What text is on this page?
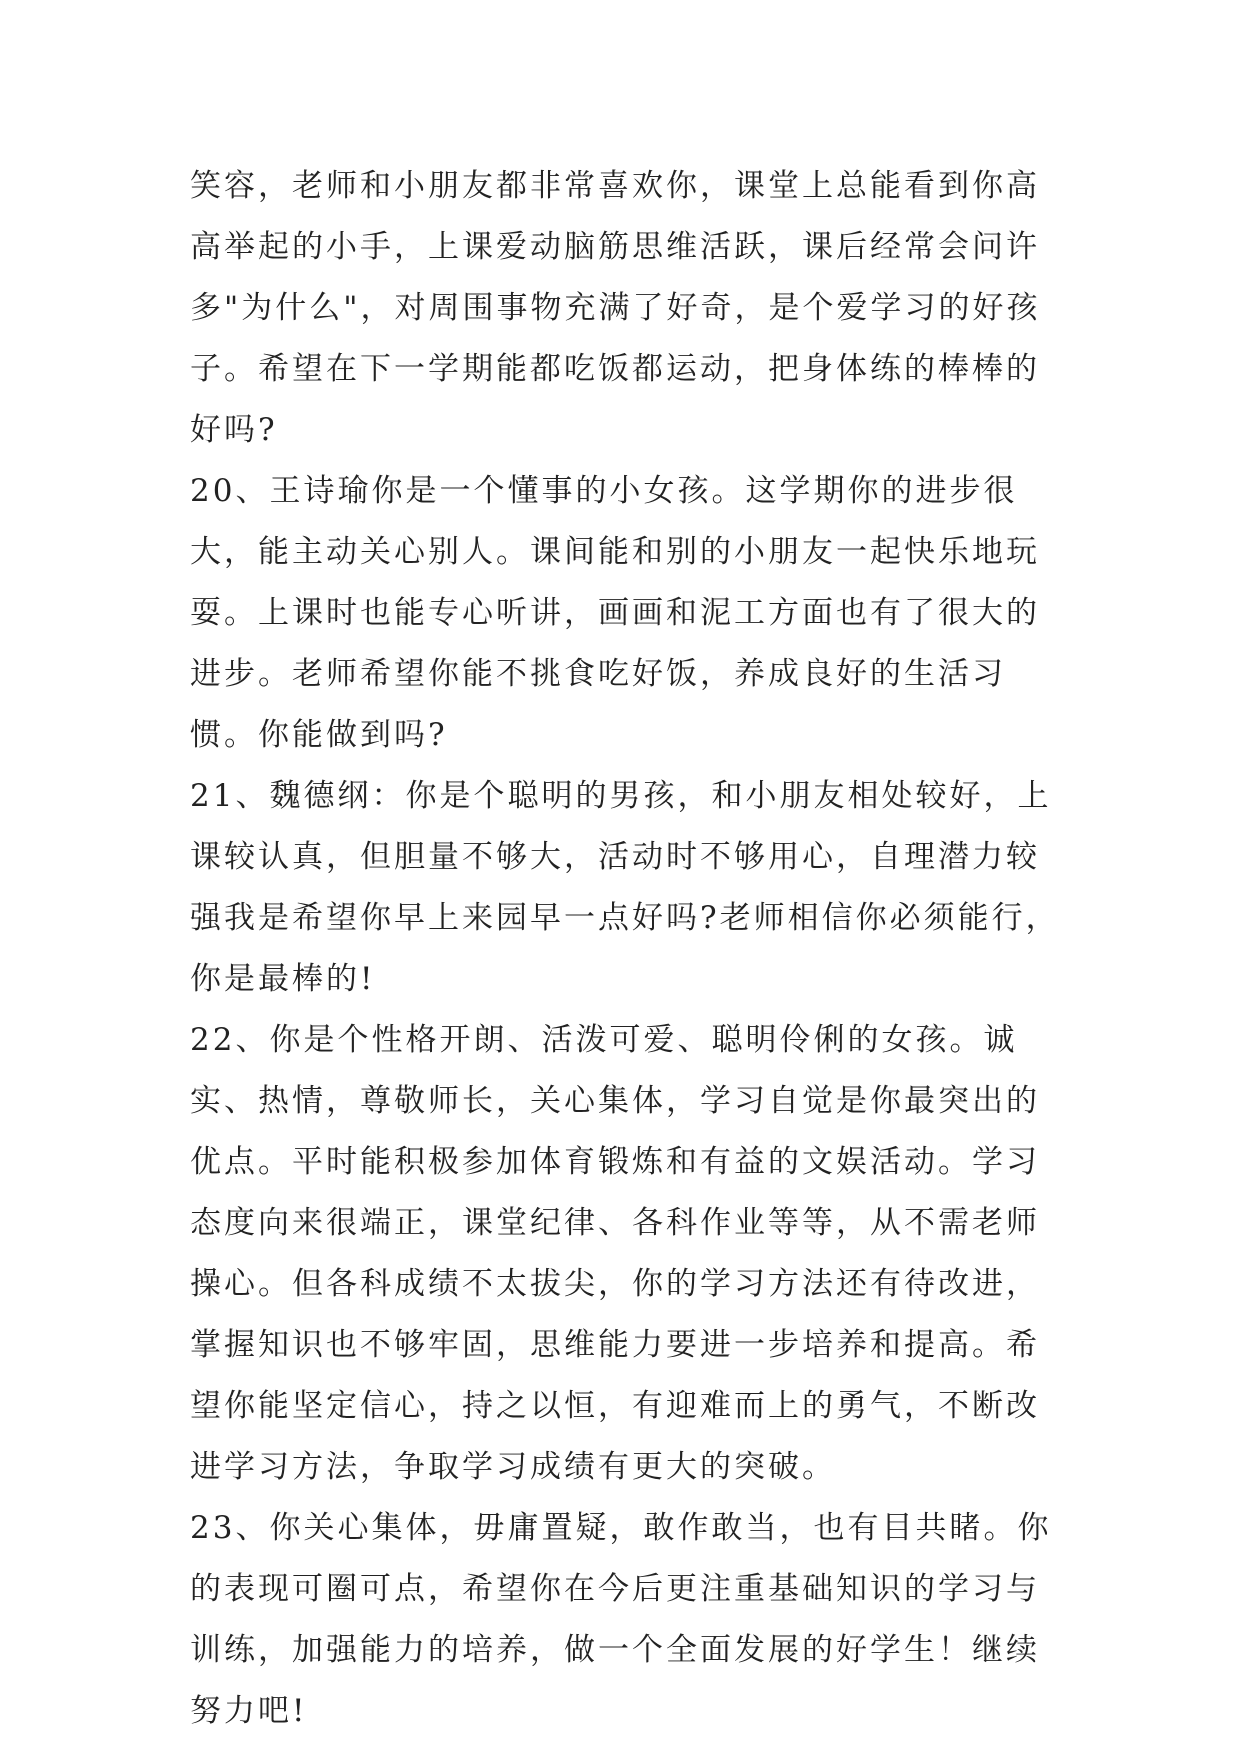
笑容，老师和小朋友都非常喜欢你，课堂上总能看到你高高举起的小手，上课爱动脑筋思维活跃，课后经常会问许多"为什么"，对周围事物充满了好奇，是个爱学习的好孩子。希望在下一学期能都吃饭都运动，把身体练的棒棒的好吗?

20、王诗瑜你是一个懂事的小女孩。这学期你的进步很大，能主动关心别人。课间能和别的小朋友一起快乐地玩耍。上课时也能专心听讲，画画和泥工方面也有了很大的进步。老师希望你能不挑食吃好饭，养成良好的生活习惯。你能做到吗?

21、魏德纲：你是个聪明的男孩，和小朋友相处较好，上课较认真，但胆量不够大，活动时不够用心，自理潜力较强我是希望你早上来园早一点好吗?老师相信你必须能行，你是最棒的!

22、你是个性格开朗、活泼可爱、聪明伶俐的女孩。诚实、热情，尊敬师长，关心集体，学习自觉是你最突出的优点。平时能积极参加体育锻炼和有益的文娱活动。学习态度向来很端正，课堂纪律、各科作业等等，从不需老师操心。但各科成绩不太拔尖，你的学习方法还有待改进，掌握知识也不够牢固，思维能力要进一步培养和提高。希望你能坚定信心，持之以恒，有迎难而上的勇气，不断改进学习方法，争取学习成绩有更大的突破。

23、你关心集体，毋庸置疑，敢作敢当，也有目共睹。你的表现可圈可点，希望你在今后更注重基础知识的学习与训练，加强能力的培养，做一个全面发展的好学生！继续努力吧!
